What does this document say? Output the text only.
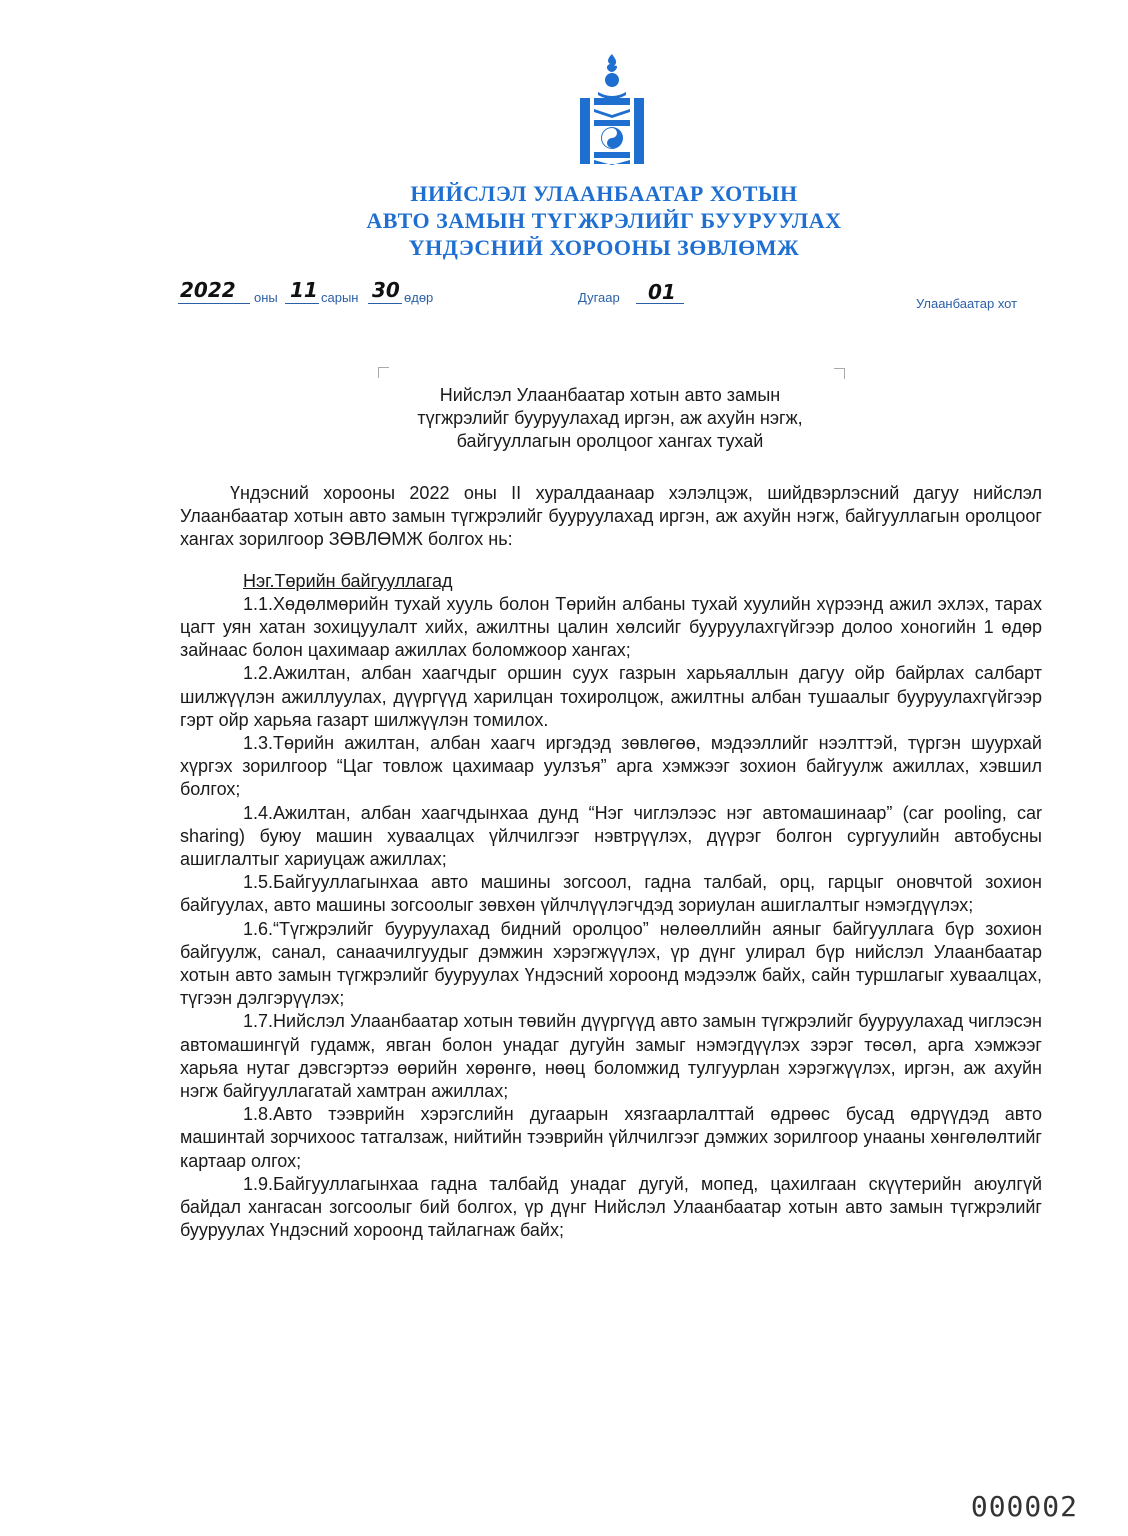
НИЙСЛЭЛ УЛААНБААТАР ХОТЫН
АВТО ЗАМЫН ТҮГЖРЭЛИЙГ БУУРУУЛАХ
ҮНДЭСНИЙ ХОРООНЫ ЗӨВЛӨМЖ
2022 оны 11 сарын 30 өдөр	Дугаар 01	Улаанбаатар хот
Нийслэл Улаанбаатар хотын авто замын
түгжрэлийг бууруулахад иргэн, аж ахуйн нэгж,
байгууллагын оролцоог хангах тухай

Үндэсний хорооны 2022 оны II хуралдаанаар хэлэлцэж, шийдвэрлэсний дагуу нийслэл Улаанбаатар хотын авто замын түгжрэлийг бууруулахад иргэн, аж ахуйн нэгж, байгууллагын оролцоог хангах зорилгоор ЗӨВЛӨМЖ болгох нь:

Нэг.Төрийн байгууллагад

1.1.Хөдөлмөрийн тухай хууль болон Төрийн албаны тухай хуулийн хүрээнд ажил эхлэх, тарах цагт уян хатан зохицуулалт хийх, ажилтны цалин хөлсийг бууруулахгүйгээр долоо хоногийн 1 өдөр зайнаас болон цахимаар ажиллах боломжоор хангах;

1.2.Ажилтан, албан хаагчдыг оршин суух газрын харьяаллын дагуу ойр байрлах салбарт шилжүүлэн ажиллуулах, дүүргүүд харилцан тохиролцож, ажилтны албан тушаалыг бууруулахгүйгээр гэрт ойр харьяа газарт шилжүүлэн томилох.

1.3.Төрийн ажилтан, албан хаагч иргэдэд зөвлөгөө, мэдээллийг нээлттэй, түргэн шуурхай хүргэх зорилгоор “Цаг товлож цахимаар уулзъя” арга хэмжээг зохион байгуулж ажиллах, хэвшил болгох;

1.4.Ажилтан, албан хаагчдынхаа дунд “Нэг чиглэлээс нэг автомашинаар” (car pooling, car sharing) буюу машин хуваалцах үйлчилгээг нэвтрүүлэх, дүүрэг болгон сургуулийн автобусны ашиглалтыг хариуцаж ажиллах;

1.5.Байгууллагынхаа авто машины зогсоол, гадна талбай, орц, гарцыг оновчтой зохион байгуулах, авто машины зогсоолыг зөвхөн үйлчлүүлэгчдэд зориулан ашиглалтыг нэмэгдүүлэх;

1.6.“Түгжрэлийг бууруулахад бидний оролцоо” нөлөөллийн аяныг байгууллага бүр зохион байгуулж, санал, санаачилгуудыг дэмжин хэрэгжүүлэх, үр дүнг улирал бүр нийслэл Улаанбаатар хотын авто замын түгжрэлийг бууруулах Үндэсний хороонд мэдээлж байх, сайн туршлагыг хуваалцах, түгээн дэлгэрүүлэх;

1.7.Нийслэл Улаанбаатар хотын төвийн дүүргүүд авто замын түгжрэлийг бууруулахад чиглэсэн автомашингүй гудамж, явган болон унадаг дугуйн замыг нэмэгдүүлэх зэрэг төсөл, арга хэмжээг харьяа нутаг дэвсгэртээ өөрийн хөрөнгө, нөөц боломжид тулгуурлан хэрэгжүүлэх, иргэн, аж ахуйн нэгж байгууллагатай хамтран ажиллах;

1.8.Авто тээврийн хэрэгслийн дугаарын хязгаарлалттай өдрөөс бусад өдрүүдэд авто машинтай зорчихоос татгалзаж, нийтийн тээврийн үйлчилгээг дэмжих зорилгоор унааны хөнгөлөлтийг картаар олгох;

1.9.Байгууллагынхаа гадна талбайд унадаг дугуй, мопед, цахилгаан скүүтерийн аюулгүй байдал хангасан зогсоолыг бий болгох, үр дүнг Нийслэл Улаанбаатар хотын авто замын түгжрэлийг бууруулах Үндэсний хороонд тайлагнаж байх;

000002
